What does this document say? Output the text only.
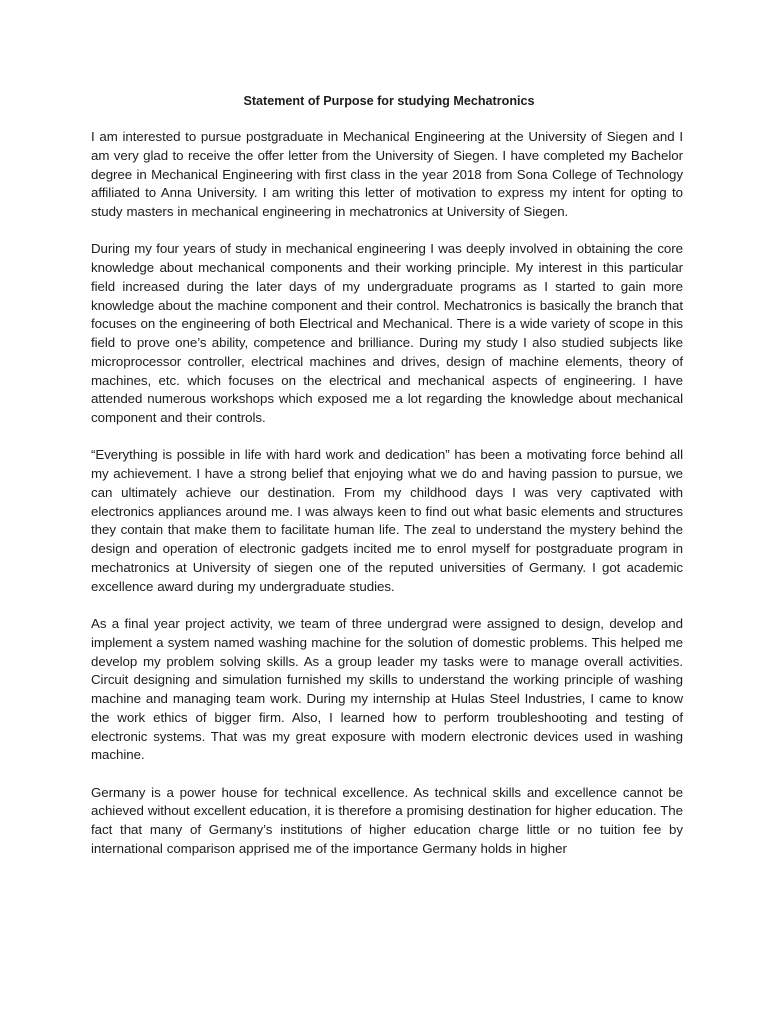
Statement of Purpose for studying Mechatronics

I am interested to pursue postgraduate in Mechanical Engineering at the University of Siegen and I am very glad to receive the offer letter from the University of Siegen. I have completed my Bachelor degree in Mechanical Engineering with first class in the year 2018 from Sona College of Technology affiliated to Anna University. I am writing this letter of motivation to express my intent for opting to study masters in mechanical engineering in mechatronics at University of Siegen.

During my four years of study in mechanical engineering I was deeply involved in obtaining the core knowledge about mechanical components and their working principle. My interest in this particular field increased during the later days of my undergraduate programs as I started to gain more knowledge about the machine component and their control. Mechatronics is basically the branch that focuses on the engineering of both Electrical and Mechanical. There is a wide variety of scope in this field to prove one’s ability, competence and brilliance. During my study I also studied subjects like microprocessor controller, electrical machines and drives, design of machine elements, theory of machines, etc. which focuses on the electrical and mechanical aspects of engineering. I have attended numerous workshops which exposed me a lot regarding the knowledge about mechanical component and their controls.

“Everything is possible in life with hard work and dedication” has been a motivating force behind all my achievement. I have a strong belief that enjoying what we do and having passion to pursue, we can ultimately achieve our destination. From my childhood days I was very captivated with electronics appliances around me. I was always keen to find out what basic elements and structures they contain that make them to facilitate human life. The zeal to understand the mystery behind the design and operation of electronic gadgets incited me to enrol myself for postgraduate program in mechatronics at University of siegen one of the reputed universities of Germany. I got academic excellence award during my undergraduate studies.

As a final year project activity, we team of three undergrad were assigned to design, develop and implement a system named washing machine for the solution of domestic problems. This helped me develop my problem solving skills. As a group leader my tasks were to manage overall activities. Circuit designing and simulation furnished my skills to understand the working principle of washing machine and managing team work. During my internship at Hulas Steel Industries, I came to know the work ethics of bigger firm. Also, I learned how to perform troubleshooting and testing of electronic systems. That was my great exposure with modern electronic devices used in washing machine.

Germany is a power house for technical excellence. As technical skills and excellence cannot be achieved without excellent education, it is therefore a promising destination for higher education. The fact that many of Germany’s institutions of higher education charge little or no tuition fee by international comparison apprised me of the importance Germany holds in higher
